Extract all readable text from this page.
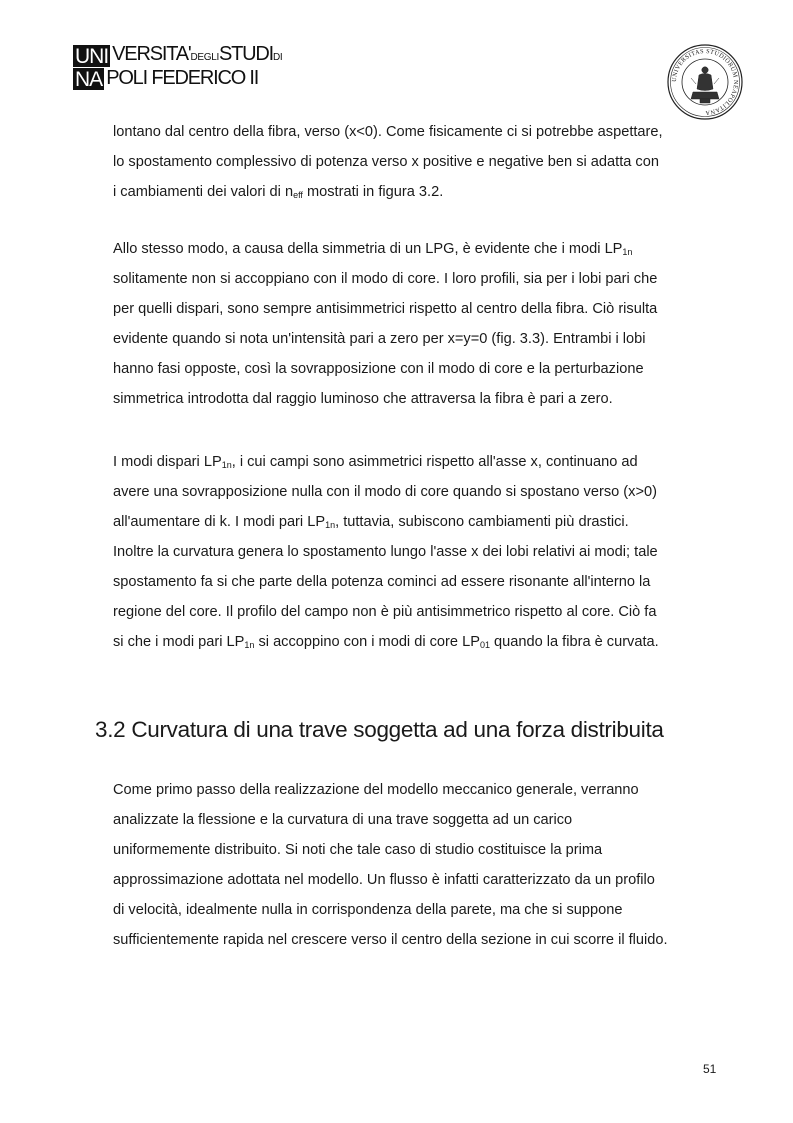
UNI VERSITA'DEGLISTUDIDI
NA POLI FEDERICO II	UNIVERSITAS STUDIORUM NEAPOLITANA
lontano dal centro della fibra, verso (x<0). Come fisicamente ci si potrebbe aspettare,
lo spostamento complessivo di potenza verso x positive e negative ben si adatta con
i cambiamenti dei valori di $n_{eff}$ mostrati in figura 3.2.
Allo stesso modo, a causa della simmetria di un LPG, è evidente che i modi $LP_{1n}$
solitamente non si accoppiano con il modo di core. I loro profili, sia per i lobi pari che
per quelli dispari, sono sempre antisimmetrici rispetto al centro della fibra. Ciò risulta
evidente quando si nota un'intensità pari a zero per x=y=0 (fig. 3.3). Entrambi i lobi
hanno fasi opposte, così la sovrapposizione con il modo di core e la perturbazione
simmetrica introdotta dal raggio luminoso che attraversa la fibra è pari a zero.
I modi dispari $LP_{1n}$, i cui campi sono asimmetrici rispetto all'asse x, continuano ad
avere una sovrapposizione nulla con il modo di core quando si spostano verso (x>0)
all'aumentare di k. I modi pari $LP_{1n}$, tuttavia, subiscono cambiamenti più drastici.
Inoltre la curvatura genera lo spostamento lungo l'asse x dei lobi relativi ai modi; tale
spostamento fa si che parte della potenza cominci ad essere risonante all'interno la
regione del core. Il profilo del campo non è più antisimmetrico rispetto al core. Ciò fa
si che i modi pari $LP_{1n}$ si accoppino con i modi di core $LP_{01}$ quando la fibra è curvata.
3.2 Curvatura di una trave soggetta ad una forza distribuita
Come primo passo della realizzazione del modello meccanico generale, verranno
analizzate la flessione e la curvatura di una trave soggetta ad un carico
uniformemente distribuito. Si noti che tale caso di studio costituisce la prima
approssimazione adottata nel modello. Un flusso è infatti caratterizzato da un profilo
di velocità, idealmente nulla in corrispondenza della parete, ma che si suppone
sufficientemente rapida nel crescere verso il centro della sezione in cui scorre il fluido.
51
